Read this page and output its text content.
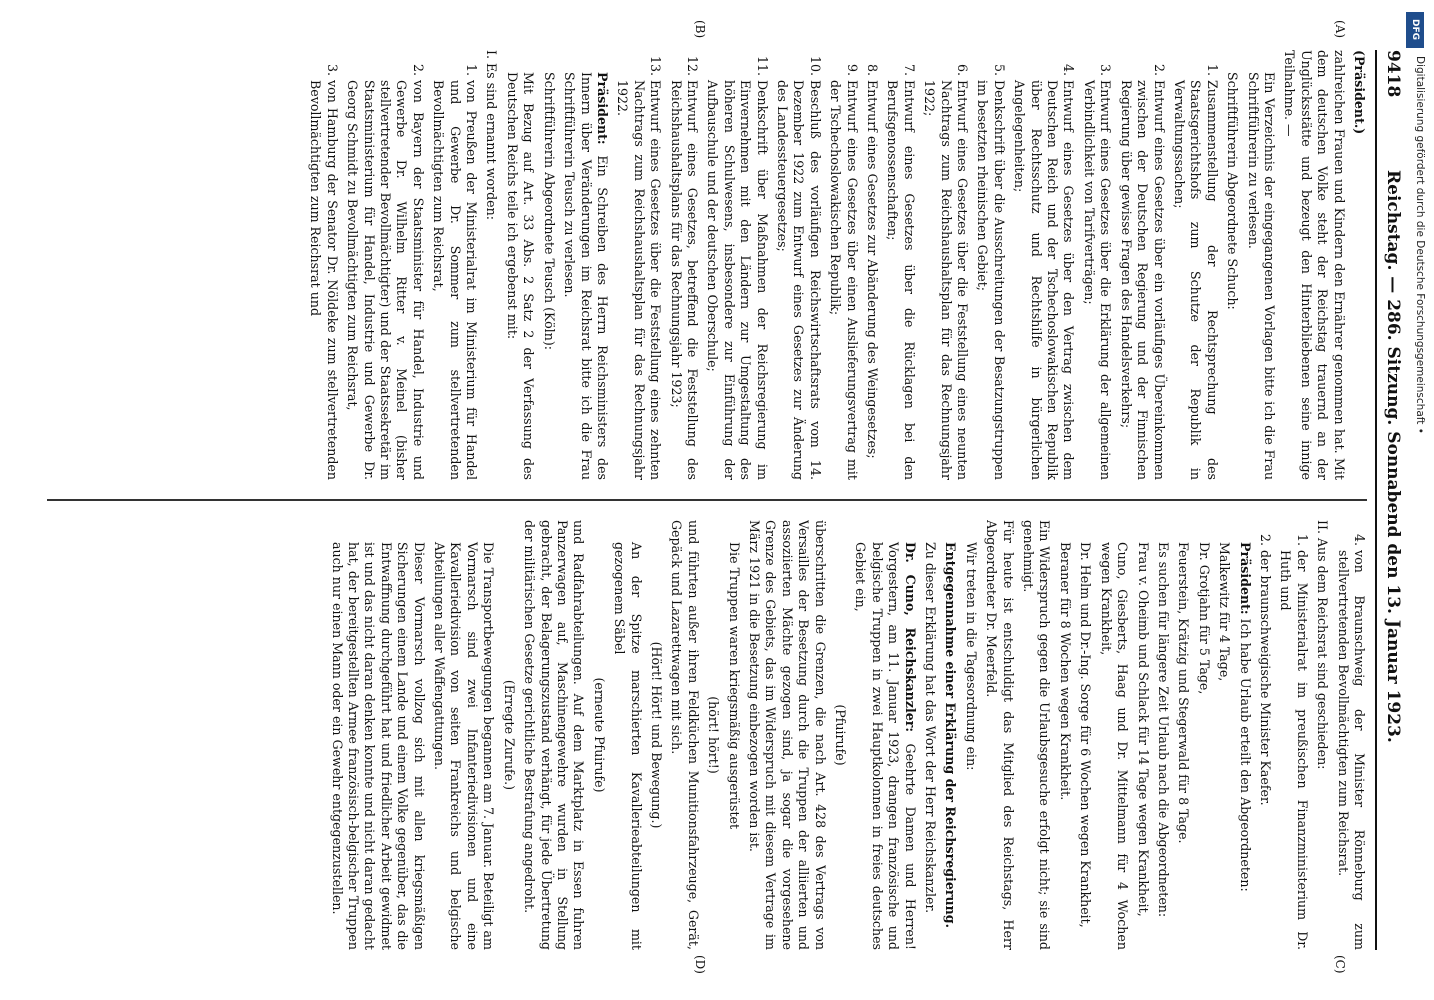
9418
Reichstag. — 286. Sitzung. Sonnabend den 13. Januar 1923.
(A)
(B)
(C)
(D)

(Präsident.)

zahlreichen Frauen und Kindern den Ernährer genommen hat. Mit dem deutschen Volke steht der Reichstag trauernd an der Unglücksstätte und bezeugt den Hinterbliebenen seine innige Teilnahme. —

Ein Verzeichnis der eingegangenen Vorlagen bitte ich die Frau Schriftführerin zu verlesen.

Schriftführerin Abgeordnete Schuch:

1.Zusammenstellung der Rechtsprechung des Staatsgerichtshofs zum Schutze der Republik in Verwaltungssachen;

2.Entwurf eines Gesetzes über ein vorläufiges Übereinkommen zwischen der Deutschen Regierung und der Finnischen Regierung über gewisse Fragen des Handelsverkehrs;

3.Entwurf eines Gesetzes über die Erklärung der allgemeinen Verbindlichkeit von Tarifverträgen;

4.Entwurf eines Gesetzes über den Vertrag zwischen dem Deutschen Reich und der Tschechoslowakischen Republik über Rechtsschutz und Rechtshilfe in bürgerlichen Angelegenheiten;

5.Denkschrift über die Ausschreitungen der Besatzungstruppen im besetzten rheinischen Gebiet;

6.Entwurf eines Gesetzes über die Feststellung eines neunten Nachtrags zum Reichshaushaltsplan für das Rechnungsjahr 1922;

7.Entwurf eines Gesetzes über die Rücklagen bei den Berufsgenossenschaften;

8.Entwurf eines Gesetzes zur Abänderung des Weingesetzes;

9.Entwurf eines Gesetzes über einen Auslieferungsvertrag mit der Tschechoslowakischen Republik;

10.Beschluß des vorläufigen Reichswirtschaftsrats vom 14. Dezember 1922 zum Entwurf eines Gesetzes zur Änderung des Landessteuergesetzes;

11.Denkschrift über Maßnahmen der Reichsregierung im Einvernehmen mit den Ländern zur Umgestaltung des höheren Schulwesens, insbesondere zur Einführung der Aufbauschule und der deutschen Oberschule;

12.Entwurf eines Gesetzes, betreffend die Feststellung des Reichshaushaltsplans für das Rechnungsjahr 1923;

13.Entwurf eines Gesetzes über die Feststellung eines zehnten Nachtrags zum Reichshaushaltsplan für das Rechnungsjahr 1922.

Präsident: Ein Schreiben des Herrn Reichsministers des Innern über Veränderungen im Reichsrat bitte ich die Frau Schriftführerin Teusch zu verlesen.

Schriftführerin Abgeordnete Teusch (Köln):

Mit Bezug auf Art. 33 Abs. 2 Satz 2 der Verfassung des Deutschen Reichs teile ich ergebenst mit:

I. Es sind ernannt worden:

1.von Preußen der Ministerialrat im Ministerium für Handel und Gewerbe Dr. Sommer zum stellvertretenden Bevollmächtigten zum Reichsrat,

2.von Bayern der Staatsminister für Handel, Industrie und Gewerbe Dr. Wilhelm Ritter v. Meinel (bisher stellvertretender Bevollmächtigter) und der Staatssekretär im Staatsministerium für Handel, Industrie und Gewerbe Dr. Georg Schmidt zu Bevollmächtigten zum Reichsrat,

3.von Hamburg der Senator Dr. Nöldeke zum stellvertretenden Bevollmächtigten zum Reichsrat und

4.von Braunschweig der Minister Rönneburg zum stellvertretenden Bevollmächtigten zum Reichsrat.

II. Aus dem Reichsrat sind geschieden:

1.der Ministerialrat im preußischen Finanzministerium Dr. Huth und

2.der braunschweigische Minister Kaefer.

Präsident: Ich habe Urlaub erteilt den Abgeordneten:

Malkewitz für 4 Tage,

Dr. Grotjahn für 5 Tage,

Feuerstein, Krätzig und Stegerwald für 8 Tage.

Es suchen für längere Zeit Urlaub nach die Abgeordneten:

Frau v. Oheimb und Schlack für 14 Tage wegen Krankheit,

Cuno, Giesberts, Haag und Dr. Mittelmann für 4 Wochen wegen Krankheit,

Dr. Helm und Dr.-Ing. Sorge für 6 Wochen wegen Krankheit,

Beraner für 8 Wochen wegen Krankheit.

Ein Widerspruch gegen die Urlaubsgesuche erfolgt nicht; sie sind genehmigt.

Für heute ist entschuldigt das Mitglied des Reichstags, Herr Abgeordneter Dr. Meerfeld.

Wir treten in die Tagesordnung ein:

Entgegennahme einer Erklärung der Reichsregierung.

Zu dieser Erklärung hat das Wort der Herr Reichskanzler.

Dr. Cuno, Reichskanzler: Geehrte Damen und Herren! Vorgestern, am 11. Januar 1923, drangen französische und belgische Truppen in zwei Hauptkolonnen in freies deutsches Gebiet ein,

(Pfuirufe)

überschritten die Grenzen, die nach Art. 428 des Vertrags von Versailles der Besetzung durch die Truppen der alliierten und assoziierten Mächte gezogen sind, ja sogar die vorgesehene Grenze des Gebiets, das im Widerspruch mit diesem Vertrage im März 1921 in die Besetzung einbezogen worden ist.

Die Truppen waren kriegsmäßig ausgerüstet

(hört! hört!)

und führten außer ihren Feldküchen Munitionsfahrzeuge, Gerät, Gepäck und Lazarettwagen mit sich.

(Hört! Hört! und Bewegung.)

An der Spitze marschierten Kavallerieabteilungen mit gezogenem Säbel

(erneute Pfuirufe)

und Radfahrabteilungen. Auf dem Marktplatz in Essen fuhren Panzerwagen auf, Maschinengewehre wurden in Stellung gebracht, der Belagerungszustand verhängt, für jede Übertretung der militärischen Gesetze gerichtliche Bestrafung angedroht.

(Erregte Zurufe.)

Die Transportbewegungen begannen am 7. Januar. Beteiligt am Vormarsch sind zwei Infanteriedivisionen und eine Kavalleriedivision von seiten Frankreichs und belgische Abteilungen aller Waffengattungen.

Dieser Vormarsch vollzog sich mit allen kriegsmäßigen Sicherungen einem Lande und einem Volke gegenüber, das die Entwaffnung durchgeführt hat und friedlicher Arbeit gewidmet ist und das nicht daran denken konnte und nicht daran gedacht hat, der bereitgestellten Armee französisch-belgischer Truppen auch nur einen Mann oder ein Gewehr entgegenzustellen.

DFG
Digitalisierung gefördert durch die Deutsche Forschungsgemeinschaft •
